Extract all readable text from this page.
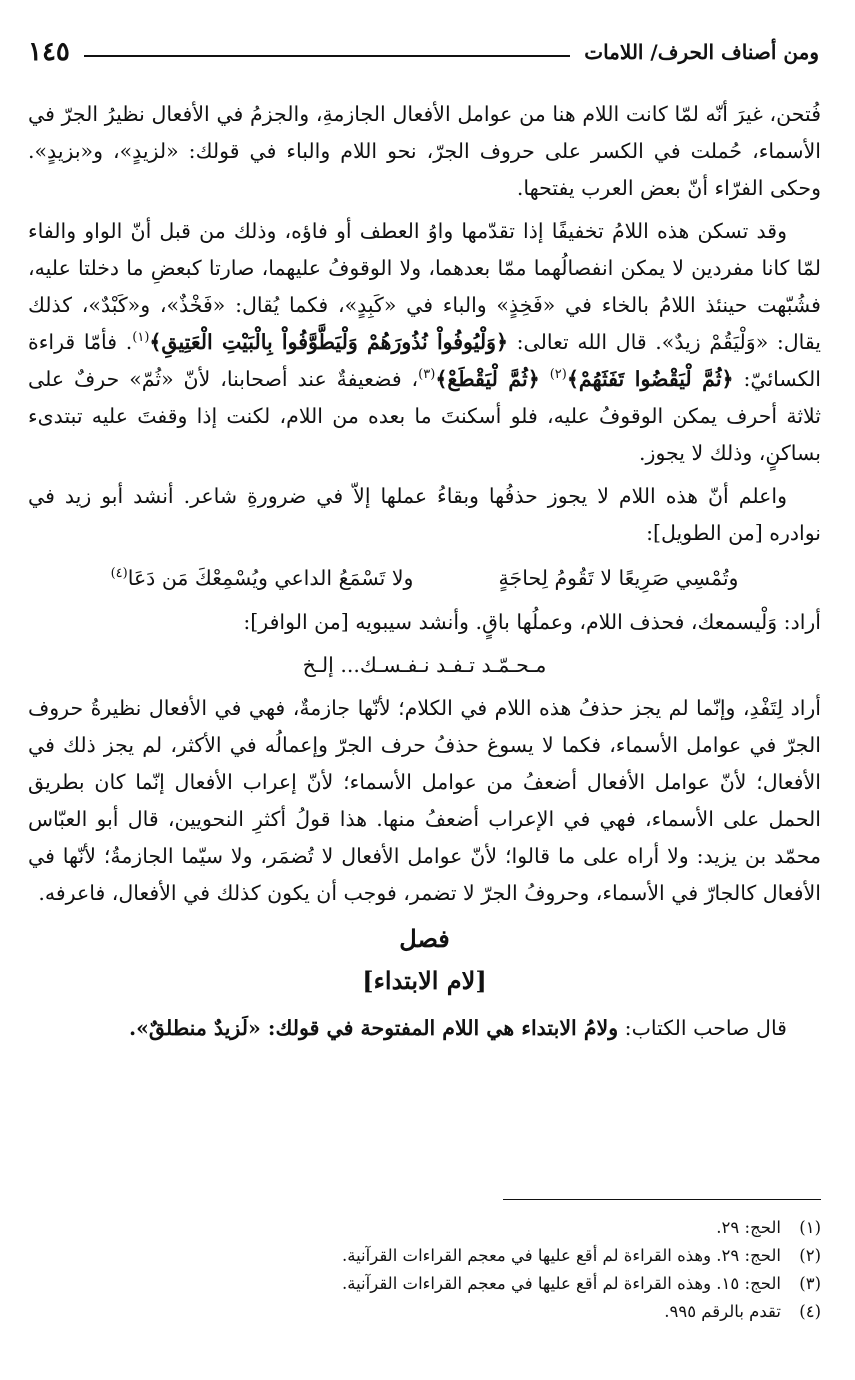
ومن أصناف الحرف/ اللامات
١٤٥

فُتحن، غيرَ أنّه لمّا كانت اللام هنا من عوامل الأفعال الجازمةِ، والجزمُ في الأفعال نظيرُ الجرّ في الأسماء، حُملت في الكسر على حروف الجرّ، نحو اللام والباء في قولك: «لزيدٍ»، و«بزيدٍ». وحكى الفرّاء أنّ بعض العرب يفتحها.

وقد تسكن هذه اللامُ تخفيفًا إذا تقدّمها واوُ العطف أو فاؤه، وذلك من قبل أنّ الواو والفاء لمّا كانا مفردين لا يمكن انفصالُهما ممّا بعدهما، ولا الوقوفُ عليهما، صارتا كبعضِ ما دخلتا عليه، فشُبّهت حينئذ اللامُ بالخاء في «فَخِذٍ» والباء في «كَبِدٍ»، فكما يُقال: «فَخْذٌ»، و«كَبْدٌ»، كذلك يقال: «وَلْيَقُمْ زيدٌ». قال الله تعالى: ﴿وَلْيُوفُواْ نُذُورَهُمْ وَلْيَطَّوَّفُواْ بِالْبَيْتِ الْعَتِيقِ﴾$^{(١)}$. فأمّا قراءة الكسائيّ: ﴿ثُمَّ لْيَقْضُوا تَفَثَهُمْ﴾$^{(٢)}$ ﴿ثُمَّ لْيَقْطَعْ﴾$^{(٣)}$، فضعيفةٌ عند أصحابنا، لأنّ «ثُمّ» حرفٌ على ثلاثة أحرف يمكن الوقوفُ عليه، فلو أسكنتَ ما بعده من اللام، لكنت إذا وقفتَ عليه تبتدىء بساكنٍ، وذلك لا يجوز.

واعلم أنّ هذه اللام لا يجوز حذفُها وبقاءُ عملها إلاّ في ضرورةِ شاعر. أنشد أبو زيد في نوادره [من الطويل]:

وتُمْسِي صَرِيعًا لا تَقُومُ لِحاجَةٍ
ولا تَسْمَعُ الداعي ويُسْمِعْكَ مَن دَعَا$^{(٤)}$

أراد: وَلْيسمعك، فحذف اللام، وعملُها باقٍ. وأنشد سيبويه [من الوافر]:

مـحـمّـد تـفـد نـفـسـك... إلـخ

أراد لِتَفْدِ، وإنّما لم يجز حذفُ هذه اللام في الكلام؛ لأنّها جازمةٌ، فهي في الأفعال نظيرةُ حروف الجرّ في عوامل الأسماء، فكما لا يسوغ حذفُ حرف الجرّ وإعمالُه في الأكثر، لم يجز ذلك في الأفعال؛ لأنّ عوامل الأفعال أضعفُ من عوامل الأسماء؛ لأنّ إعراب الأفعال إنّما كان بطريق الحمل على الأسماء، فهي في الإعراب أضعفُ منها. هذا قولُ أكثرِ النحويين، قال أبو العبّاس محمّد بن يزيد: ولا أراه على ما قالوا؛ لأنّ عوامل الأفعال لا تُضمَر، ولا سيّما الجازمةُ؛ لأنّها في الأفعال كالجارّ في الأسماء، وحروفُ الجرّ لا تضمر، فوجب أن يكون كذلك في الأفعال، فاعرفه.

فصل
[لام الابتداء]

قال صاحب الكتاب: ولامُ الابتداء هي اللام المفتوحة في قولك: «لَزيدٌ منطلقٌ».

(١)
الحج: ٢٩.
(٢)
الحج: ٢٩. وهذه القراءة لم أقع عليها في معجم القراءات القرآنية.
(٣)
الحج: ١٥. وهذه القراءة لم أقع عليها في معجم القراءات القرآنية.
(٤)
تقدم بالرقم ٩٩٥.
